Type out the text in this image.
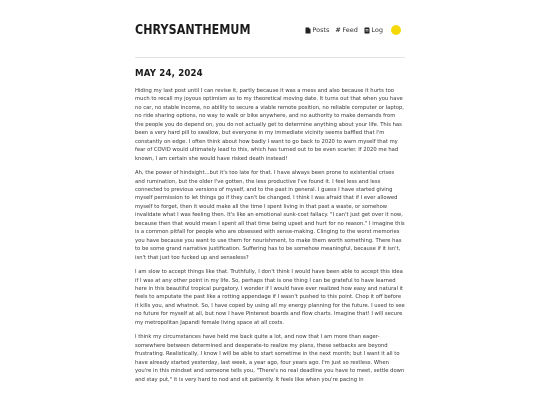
CHRYSANTHEMUM	Posts # Feed Log
MAY 24, 2024

Hiding my last post until I can revise it, partly because it was a mess and also because it hurts too much to recall my joyous optimism as to my theoretical moving date. It turns out that when you have no car, no stable income, no ability to secure a viable remote position, no reliable computer or laptop, no ride sharing options, no way to walk or bike anywhere, and no authority to make demands from the people you do depend on, you do not actually get to determine anything about your life. This has been a very hard pill to swallow, but everyone in my immediate vicinity seems baffled that I'm constantly on edge. I often think about how badly I want to go back to 2020 to warn myself that my fear of COVID would ultimately lead to this, which has turned out to be even scarier. If 2020 me had known, I am certain she would have risked death instead!

Ah, the power of hindsight...but it's too late for that. I have always been prone to existential crises and rumination, but the older I've gotten, the less productive I've found it. I feel less and less connected to previous versions of myself, and to the past in general. I guess I have started giving myself permission to let things go if they can't be changed. I think I was afraid that if I ever allowed myself to forget, then it would make all the time I spent living in that past a waste, or somehow invalidate what I was feeling then. It's like an emotional sunk-cost fallacy. "I can't just get over it now, because then that would mean I spent all that time being upset and hurt for no reason." I imagine this is a common pitfall for people who are obsessed with sense-making. Clinging to the worst memories you have because you want to use them for nourishment, to make them worth something. There has to be some grand narrative justification. Suffering has to be somehow meaningful, because if it isn't, isn't that just too fucked up and senseless?

I am slow to accept things like that. Truthfully, I don't think I would have been able to accept this idea if I was at any other point in my life. So, perhaps that is one thing I can be grateful to have learned here in this beautiful tropical purgatory. I wonder if I would have ever realized how easy and natural it feels to amputate the past like a rotting appendage if I wasn't pushed to this point. Chop it off before it kills you, and whatnot. So, I have coped by using all my energy planning for the future. I used to see no future for myself at all, but now I have Pinterest boards and flow charts. Imagine that! I will secure my metropolitan Japandi female living space at all costs.

I think my circumstances have held me back quite a lot, and now that I am more than eager-somewhere between determined and desperate-to realize my plans, these setbacks are beyond frustrating. Realistically, I know I will be able to start sometime in the next month; but I want it all to have already started yesterday, last week, a year ago, four years ago. I'm just so restless. When you're in this mindset and someone tells you, "There's no real deadline you have to meet, settle down and stay put," it is very hard to nod and sit patiently. It feels like when you're pacing in
